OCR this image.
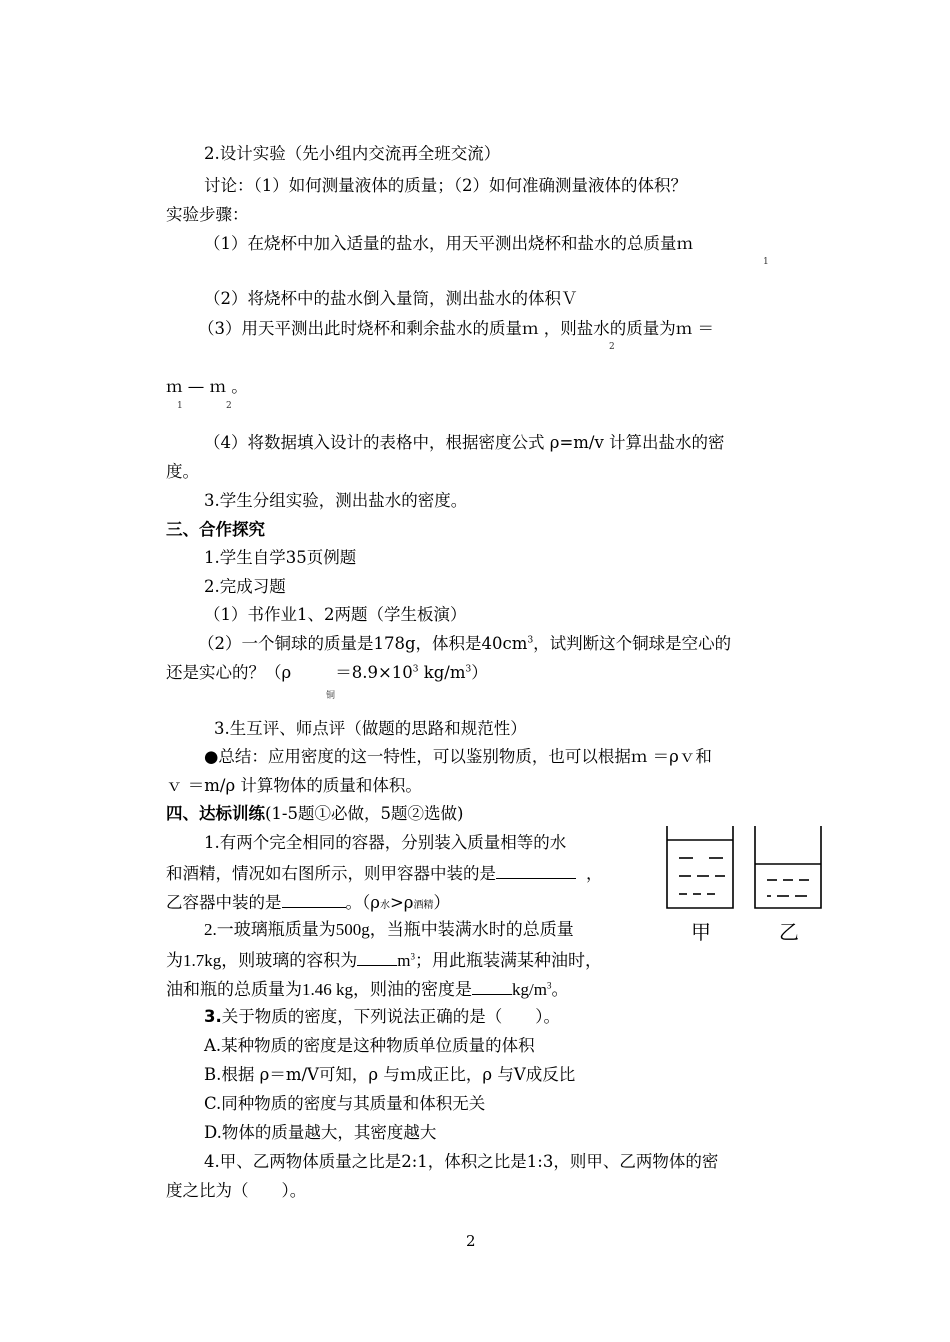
2.设计实验（先小组内交流再全班交流）
讨论：（1）如何测量液体的质量；（2）如何准确测量液体的体积？
实验步骤：
（1）在烧杯中加入适量的盐水，用天平测出烧杯和盐水的总质量ｍ
1
（2）将烧杯中的盐水倒入量筒，测出盐水的体积Ｖ
（3）用天平测出此时烧杯和剩余盐水的质量ｍ ，则盐水的质量为ｍ ＝
2
ｍ — ｍ 。
1	2
（4）将数据填入设计的表格中，根据密度公式 ρ=m/v 计算出盐水的密
度。
3.学生分组实验，测出盐水的密度。
三、合作探究
1.学生自学35页例题
2.完成习题
（1）书作业1、2两题（学生板演）
（2）一个铜球的质量是178g，体积是$40cm^3$，试判断这个铜球是空心的
还是实心的？（ρ	$=8.9\times 10^3$ $kg/m^3$）
铜
3.生互评、师点评（做题的思路和规范性）
●总结：应用密度的这一特性，可以鉴别物质，也可以根据ｍ ＝ρｖ和
ｖ ＝m/ρ 计算物体的质量和体积。
四、达标训练(1-5题①必做，5题②选做)
1.有两个完全相同的容器，分别装入质量相等的水
和酒精，情况如右图所示，则甲容器中装的是	，
乙容器中装的是	。（ρ水>ρ酒精）
2.一玻璃瓶质量为500g，当瓶中装满水时的总质量
为1.7kg，则玻璃的容积为 $m^3$；用此瓶装满某种油时，
油和瓶的总质量为1.46 kg，则油的密度是 $kg/m^3$。
3.关于物质的密度，下列说法正确的是（　　）。
A.某种物质的密度是这种物质单位质量的体积
B.根据 ρ＝m/V可知，ρ 与ｍ成正比，ρ 与V成反比
C.同种物质的密度与其质量和体积无关
D.物体的质量越大，其密度越大
4.甲、乙两物体质量之比是2:1，体积之比是1:3，则甲、乙两物体的密
度之比为（　　）。
甲	乙
2
